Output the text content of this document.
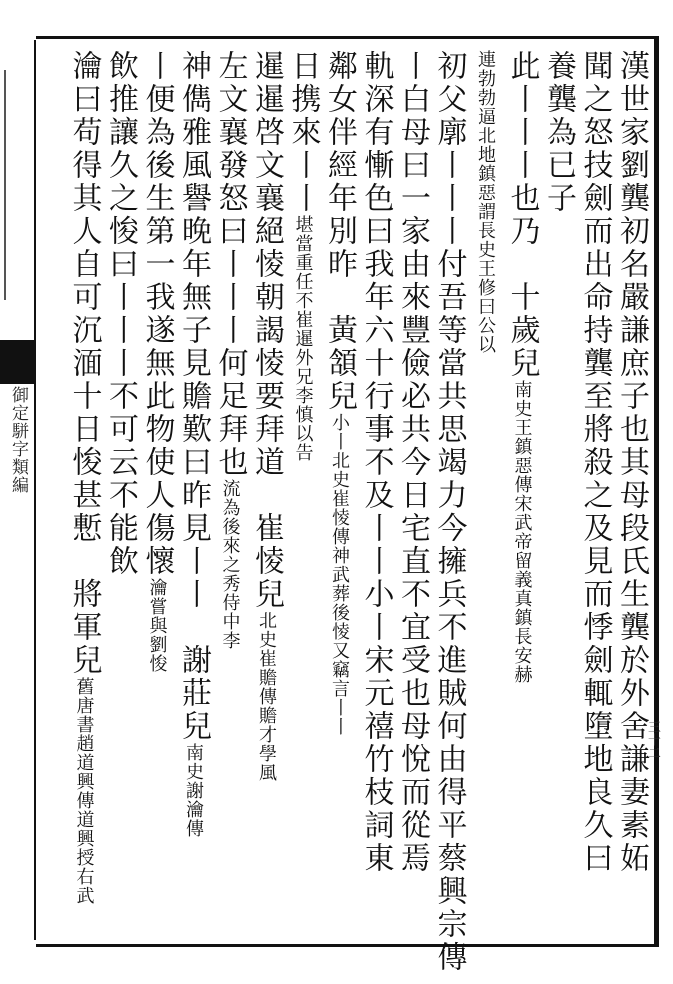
御定駢字類編	漢世家劉龔初名嚴謙庶子也其母段氏生龔於外舍謙妻素妬
聞之怒技劍而出命持龔至將殺之及見而悸劍輒墮地良久曰
養龔為已子
此丨丨丨也乃　十歲兒南史王鎮惡傳宋武帝留義真鎮長安赫
連勃勃逼北地鎮惡謂長史王修曰公以
初父廓丨丨丨付吾等當共思竭力今擁兵不進賊何由得平蔡興宗傳
丨白母曰一家由來豐儉必共今日宅直不宜受也母悅而從焉
軌深有慚色曰我年六十行事不及丨丨小丨宋元禧竹枝詞東
鄰女伴經年別昨　黃頷兒小丨北史崔㥄傳神武葬後㥄又竊言丨丨
日携來丨丨堪當重任不崔暹外兄李慎以告
暹暹啓文襄絕㥄朝謁㥄要拜道　崔㥄兒北史崔贍傳贍才學風
左文襄發怒曰丨丨丨何足拜也流為後來之秀侍中李
神儁雅風譽晚年無子見贍歎曰昨見丨丨　謝莊兒南史謝瀹傳
丨便為後生第一我遂無此物使人傷懷瀹嘗與劉悛
飲推讓久之悛曰丨丨丨不可云不能飲
瀹曰苟得其人自可沉湎十日悛甚慙　將軍兒舊唐書趙道興傳道興授右武	三十二
